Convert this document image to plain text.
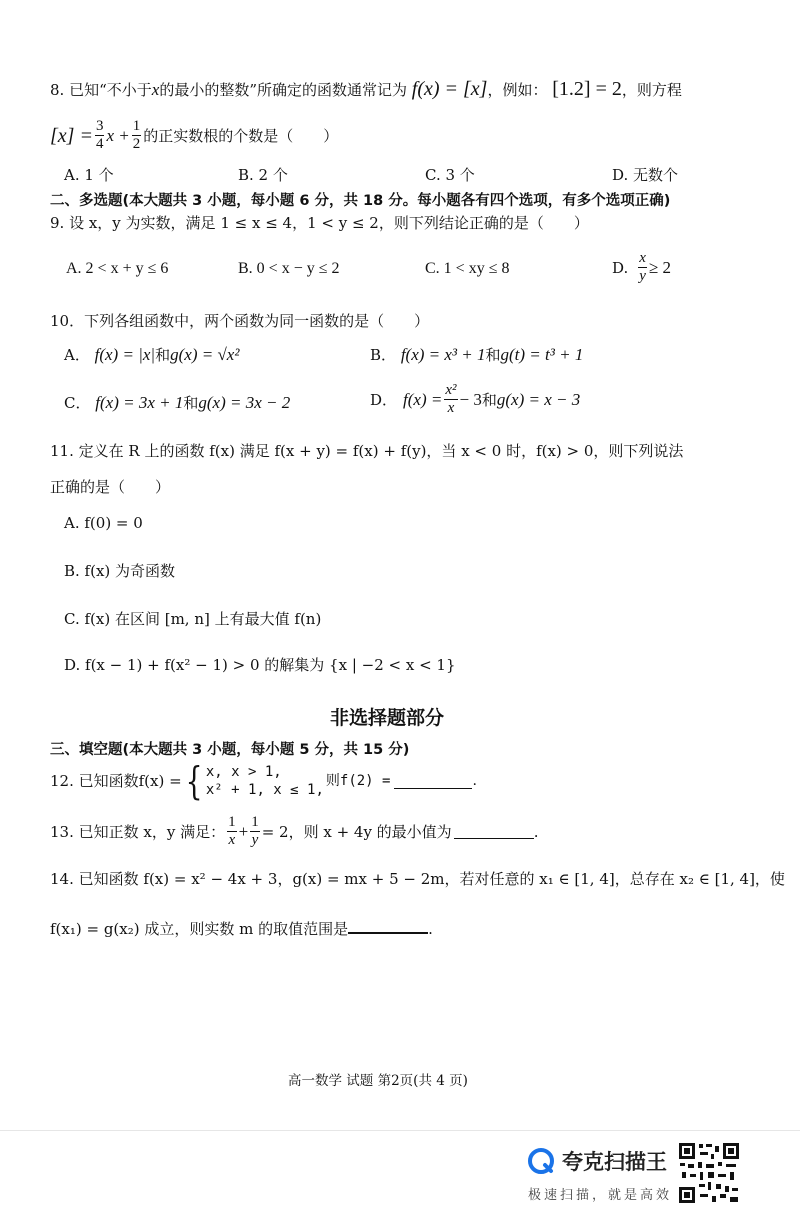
8. 已知“不小于x的最小的整数”所确定的函数通常记为 f(x) = [x]，例如： [1.2] = 2，则方程
$[x] = \frac{3}{4}$ $x + \frac{1}{2}$ 的正实数根的个数是（　　）
A. 1 个	B. 2 个	C. 3 个	D. 无数个
二、多选题(本大题共 3 小题，每小题 6 分，共 18 分。每小题各有四个选项，有多个选项正确)
9. 设 x，y 为实数，满足 1 ≤ x ≤ 4，1 < y ≤ 2，则下列结论正确的是（　　）
A. 2 < x + y ≤ 6	B. 0 < x − y ≤ 2	C. 1 < xy ≤ 8	D. $\frac{x}{y} \ge 2$
10．下列各组函数中，两个函数为同一函数的是（　　）
A． f(x) = |x|和g(x) = √x²	B． f(x) = x³ + 1和g(t) = t³ + 1
C． f(x) = 3x + 1和g(x) = 3x − 2	D． $f(x) = \frac{\text{x²}}{x} - 3$ 和 g(x) = x − 3
11. 定义在 R 上的函数 f(x) 满足 f(x + y) = f(x) + f(y)，当 x < 0 时，f(x) > 0，则下列说法
正确的是（　　）
A. f(0) = 0
B. f(x) 为奇函数
C. f(x) 在区间 [m, n] 上有最大值 f(n)
D. f(x − 1) + f(x² − 1) > 0 的解集为 {x | −2 < x < 1}
非选择题部分
三、填空题(本大题共 3 小题，每小题 5 分，共 15 分)
12. 已知函数f(x) = { x, x > 1,
x² + 1, x ≤ 1,
则f(2) =	.
13. 已知正数 x，y 满足： $\frac{1}{x} + \frac{1}{y} = 2$，则 x + 4y 的最小值为	.
14. 已知函数 f(x) = x² − 4x + 3，g(x) = mx + 5 − 2m，若对任意的 x₁ ∈ [1, 4]，总存在 x₂ ∈ [1, 4]，使
f(x₁) = g(x₂) 成立，则实数 m 的取值范围是	.
高一数学 试题 第2页(共 4 页)
夸克扫描王
极速扫描，就是高效
